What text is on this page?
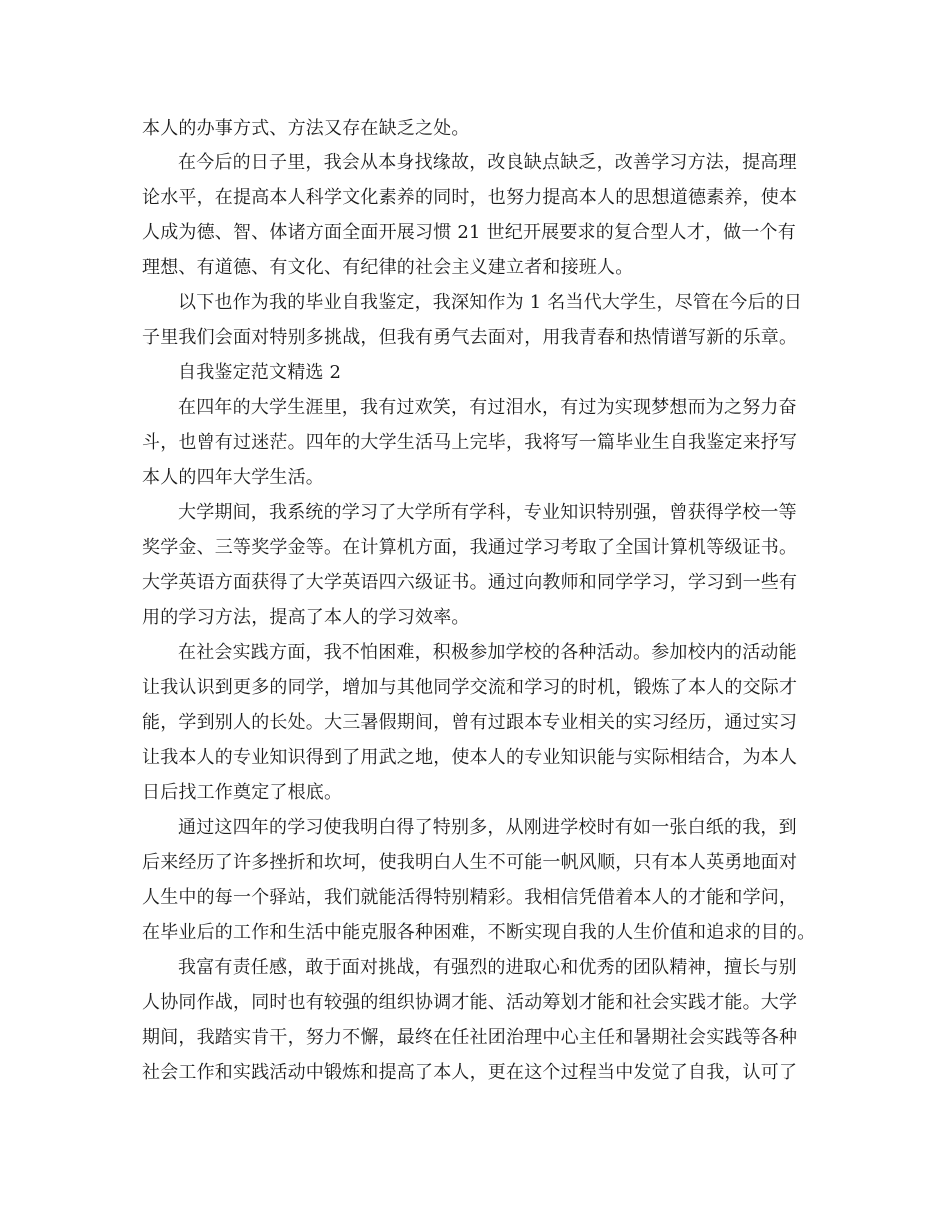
本人的办事方式、方法又存在缺乏之处。
在今后的日子里，我会从本身找缘故，改良缺点缺乏，改善学习方法，提高理
论水平，在提高本人科学文化素养的同时，也努力提高本人的思想道德素养，使本
人成为德、智、体诸方面全面开展习惯 21 世纪开展要求的复合型人才，做一个有
理想、有道德、有文化、有纪律的社会主义建立者和接班人。
以下也作为我的毕业自我鉴定，我深知作为 1 名当代大学生，尽管在今后的日
子里我们会面对特别多挑战，但我有勇气去面对，用我青春和热情谱写新的乐章。
自我鉴定范文精选 2
在四年的大学生涯里，我有过欢笑，有过泪水，有过为实现梦想而为之努力奋
斗，也曾有过迷茫。四年的大学生活马上完毕，我将写一篇毕业生自我鉴定来抒写
本人的四年大学生活。
大学期间，我系统的学习了大学所有学科，专业知识特别强，曾获得学校一等
奖学金、三等奖学金等。在计算机方面，我通过学习考取了全国计算机等级证书。
大学英语方面获得了大学英语四六级证书。通过向教师和同学学习，学习到一些有
用的学习方法，提高了本人的学习效率。
在社会实践方面，我不怕困难，积极参加学校的各种活动。参加校内的活动能
让我认识到更多的同学，增加与其他同学交流和学习的时机，锻炼了本人的交际才
能，学到别人的长处。大三暑假期间，曾有过跟本专业相关的实习经历，通过实习
让我本人的专业知识得到了用武之地，使本人的专业知识能与实际相结合，为本人
日后找工作奠定了根底。
通过这四年的学习使我明白得了特别多，从刚进学校时有如一张白纸的我，到
后来经历了许多挫折和坎坷，使我明白人生不可能一帆风顺，只有本人英勇地面对
人生中的每一个驿站，我们就能活得特别精彩。我相信凭借着本人的才能和学问，
在毕业后的工作和生活中能克服各种困难，不断实现自我的人生价值和追求的目的。
我富有责任感，敢于面对挑战，有强烈的进取心和优秀的团队精神，擅长与别
人协同作战，同时也有较强的组织协调才能、活动筹划才能和社会实践才能。大学
期间，我踏实肯干，努力不懈，最终在任社团治理中心主任和暑期社会实践等各种
社会工作和实践活动中锻炼和提高了本人，更在这个过程当中发觉了自我，认可了
